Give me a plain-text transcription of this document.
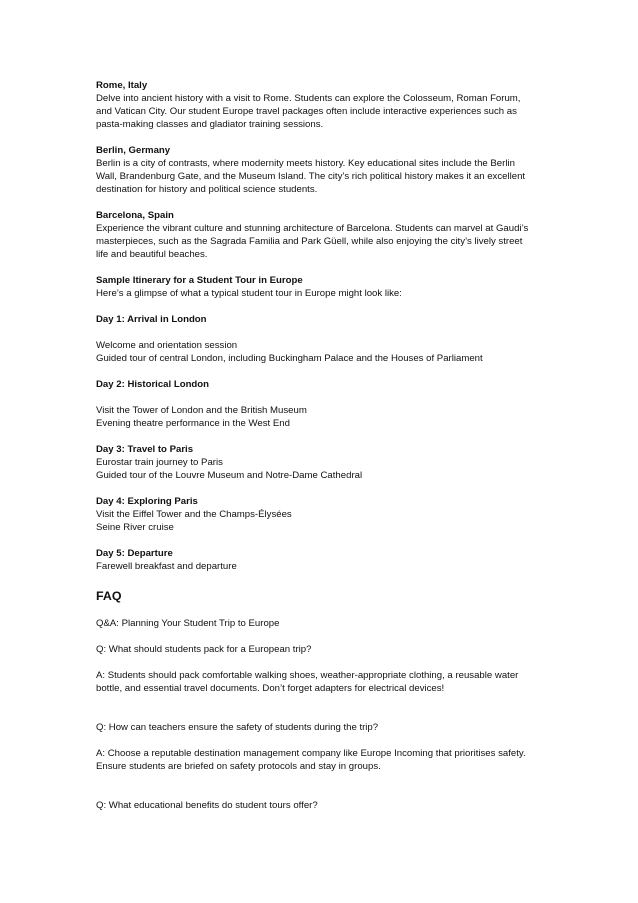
Rome, Italy
Delve into ancient history with a visit to Rome. Students can explore the Colosseum, Roman Forum,
and Vatican City. Our student Europe travel packages often include interactive experiences such as
pasta-making classes and gladiator training sessions.
Berlin, Germany
Berlin is a city of contrasts, where modernity meets history. Key educational sites include the Berlin
Wall, Brandenburg Gate, and the Museum Island. The city’s rich political history makes it an excellent
destination for history and political science students.
Barcelona, Spain
Experience the vibrant culture and stunning architecture of Barcelona. Students can marvel at Gaudi’s
masterpieces, such as the Sagrada Familia and Park Güell, while also enjoying the city’s lively street
life and beautiful beaches.
Sample Itinerary for a Student Tour in Europe
Here’s a glimpse of what a typical student tour in Europe might look like:
Day 1: Arrival in London
Welcome and orientation session
Guided tour of central London, including Buckingham Palace and the Houses of Parliament
Day 2: Historical London
Visit the Tower of London and the British Museum
Evening theatre performance in the West End
Day 3: Travel to Paris
Eurostar train journey to Paris
Guided tour of the Louvre Museum and Notre-Dame Cathedral
Day 4: Exploring Paris
Visit the Eiffel Tower and the Champs-Élysées
Seine River cruise
Day 5: Departure
Farewell breakfast and departure
FAQ
Q&A: Planning Your Student Trip to Europe
Q: What should students pack for a European trip?
A: Students should pack comfortable walking shoes, weather-appropriate clothing, a reusable water
bottle, and essential travel documents. Don’t forget adapters for electrical devices!
Q: How can teachers ensure the safety of students during the trip?
A: Choose a reputable destination management company like Europe Incoming that prioritises safety.
Ensure students are briefed on safety protocols and stay in groups.
Q: What educational benefits do student tours offer?
